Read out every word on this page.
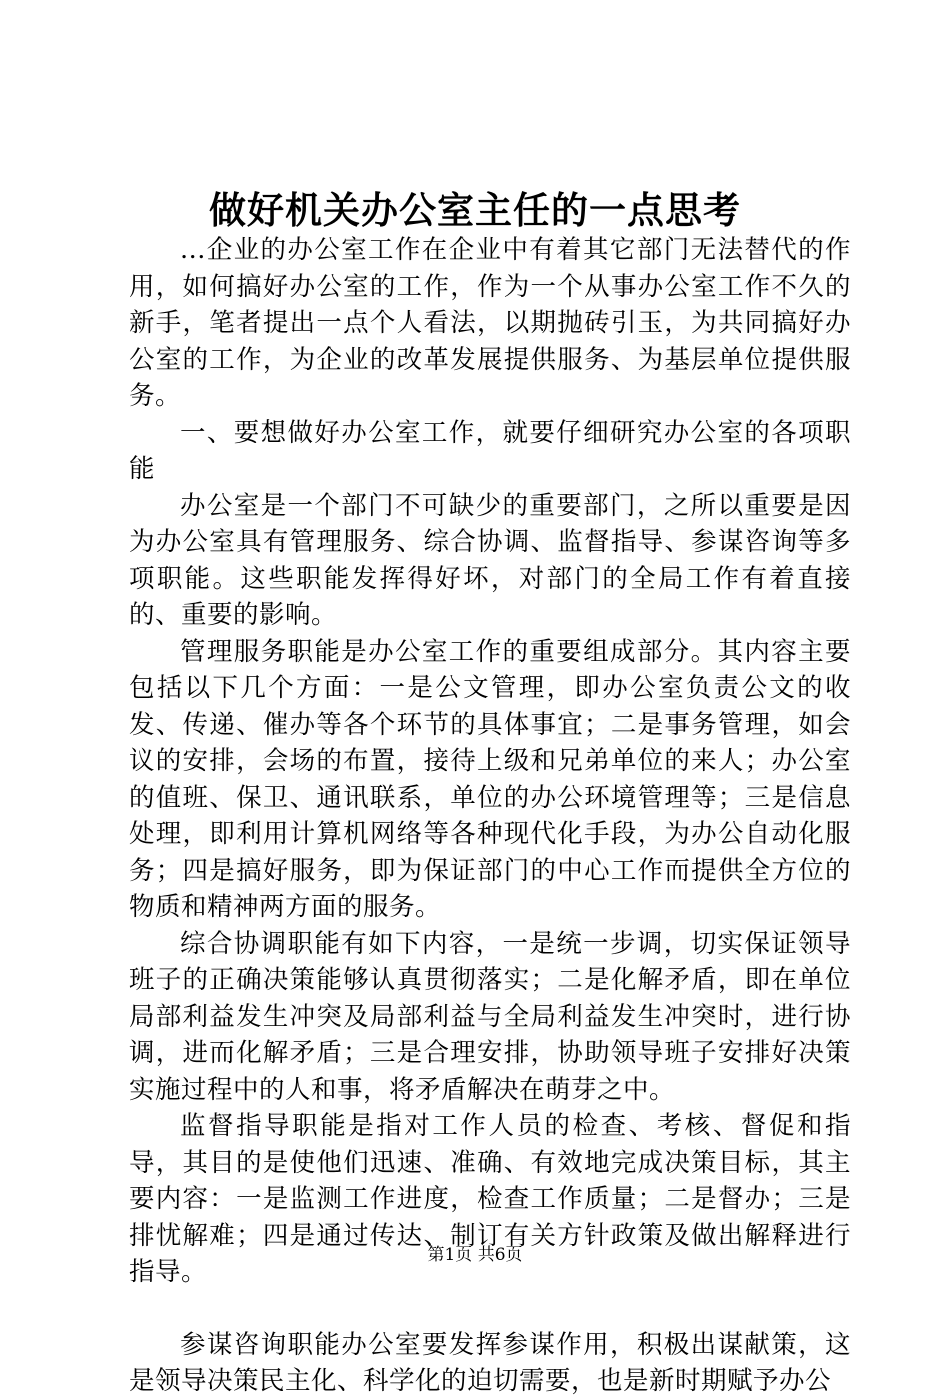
做好机关办公室主任的一点思考

...企业的办公室工作在企业中有着其它部门无法替代的作用，如何搞好办公室的工作，作为一个从事办公室工作不久的新手，笔者提出一点个人看法，以期抛砖引玉，为共同搞好办公室的工作，为企业的改革发展提供服务、为基层单位提供服务。

一、要想做好办公室工作，就要仔细研究办公室的各项职能

办公室是一个部门不可缺少的重要部门，之所以重要是因为办公室具有管理服务、综合协调、监督指导、参谋咨询等多项职能。这些职能发挥得好坏，对部门的全局工作有着直接的、重要的影响。

管理服务职能是办公室工作的重要组成部分。其内容主要包括以下几个方面：一是公文管理，即办公室负责公文的收发、传递、催办等各个环节的具体事宜；二是事务管理，如会议的安排，会场的布置，接待上级和兄弟单位的来人；办公室的值班、保卫、通讯联系，单位的办公环境管理等；三是信息处理，即利用计算机网络等各种现代化手段，为办公自动化服务；四是搞好服务，即为保证部门的中心工作而提供全方位的物质和精神两方面的服务。

综合协调职能有如下内容，一是统一步调，切实保证领导班子的正确决策能够认真贯彻落实；二是化解矛盾，即在单位局部利益发生冲突及局部利益与全局利益发生冲突时，进行协调，进而化解矛盾；三是合理安排，协助领导班子安排好决策实施过程中的人和事，将矛盾解决在萌芽之中。

监督指导职能是指对工作人员的检查、考核、督促和指导，其目的是使他们迅速、准确、有效地完成决策目标，其主要内容：一是监测工作进度，检查工作质量；二是督办；三是排忧解难；四是通过传达、制订有关方针政策及做出解释进行指导。

参谋咨询职能办公室要发挥参谋作用，积极出谋献策，这是领导决策民主化、科学化的迫切需要，也是新时期赋予办公

第1页 共6页
